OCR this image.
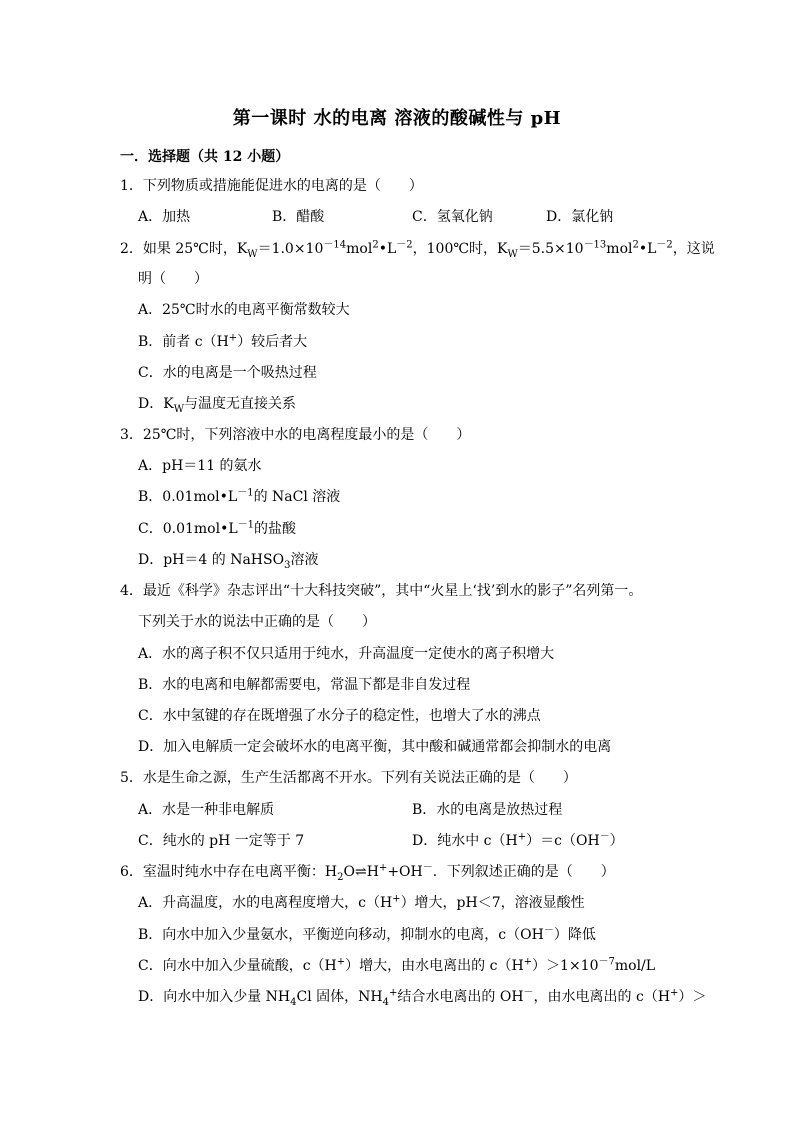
第一课时 水的电离 溶液的酸碱性与 pH
一．选择题（共 12 小题）
1．下列物质或措施能促进水的电离的是（　　）
A．加热	B．醋酸	C．氢氧化钠	D．氯化钠
2．如果 25℃时，$K_W=1.0\times 10^{-14}mol^2•L^{-2}$，100℃时，$K_W=5.5\times 10^{-13}mol^2•L^{-2}$，这说
明（　　）
A．25℃时水的电离平衡常数较大
B．前者 c（H+）较后者大
C．水的电离是一个吸热过程
D．$K_W$与温度无直接关系
3．25℃时，下列溶液中水的电离程度最小的是（　　）
A．pH＝11 的氨水
B．$0.01mol•L^{-1}$的 NaCl 溶液
C．$0.01mol•L^{-1}$的盐酸
D．pH＝4 的 NaHSO$_3$溶液
4．最近《科学》杂志评出“十大科技突破”，其中“火星上‘找’到水的影子”名列第一。
下列关于水的说法中正确的是（　　）
A．水的离子积不仅只适用于纯水，升高温度一定使水的离子积增大
B．水的电离和电解都需要电，常温下都是非自发过程
C．水中氢键的存在既增强了水分子的稳定性，也增大了水的沸点
D．加入电解质一定会破坏水的电离平衡，其中酸和碱通常都会抑制水的电离
5．水是生命之源，生产生活都离不开水。下列有关说法正确的是（　　）
A．水是一种非电解质	B．水的电离是放热过程
C．纯水的 pH 一定等于 7	D．纯水中 c（H+）＝c（OH－）
6．室温时纯水中存在电离平衡：$H_2O\rightleftharpoons H^++OH^-$．下列叙述正确的是（　　）
A．升高温度，水的电离程度增大，c（H+）增大，pH＜7，溶液显酸性
B．向水中加入少量氨水，平衡逆向移动，抑制水的电离，c（OH－）降低
C．向水中加入少量硫酸，c（H+）增大，由水电离出的 $c(H^+)>1\times 10^{-7}mol/L$
D．向水中加入少量 $NH_4Cl$ 固体，$NH_4^+$结合水电离出的 OH－，由水电离出的 c（H+）＞
